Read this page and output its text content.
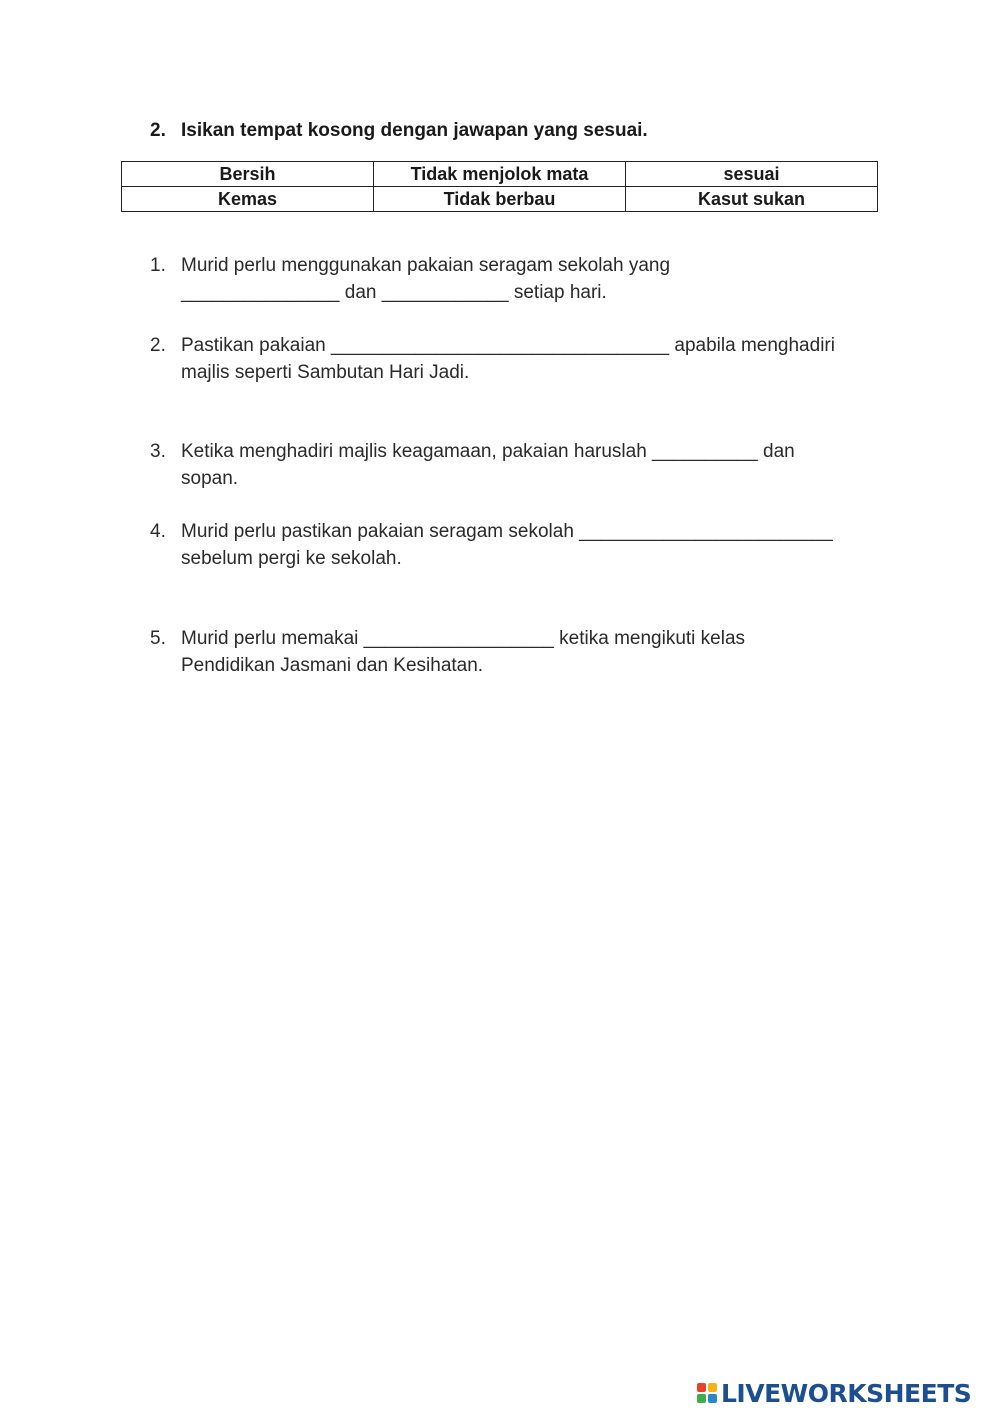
2. Isikan tempat kosong dengan jawapan yang sesuai.
Bersih	Tidak menjolok mata	sesuai
Kemas	Tidak berbau	Kasut sukan
1. Murid perlu menggunakan pakaian seragam sekolah yang
_______________ dan ____________ setiap hari.
2. Pastikan pakaian ________________________________ apabila menghadiri
majlis seperti Sambutan Hari Jadi.
3. Ketika menghadiri majlis keagamaan, pakaian haruslah __________ dan
sopan.
4. Murid perlu pastikan pakaian seragam sekolah ________________________
sebelum pergi ke sekolah.
5. Murid perlu memakai __________________ ketika mengikuti kelas
Pendidikan Jasmani dan Kesihatan.
LIVEWORKSHEETS
